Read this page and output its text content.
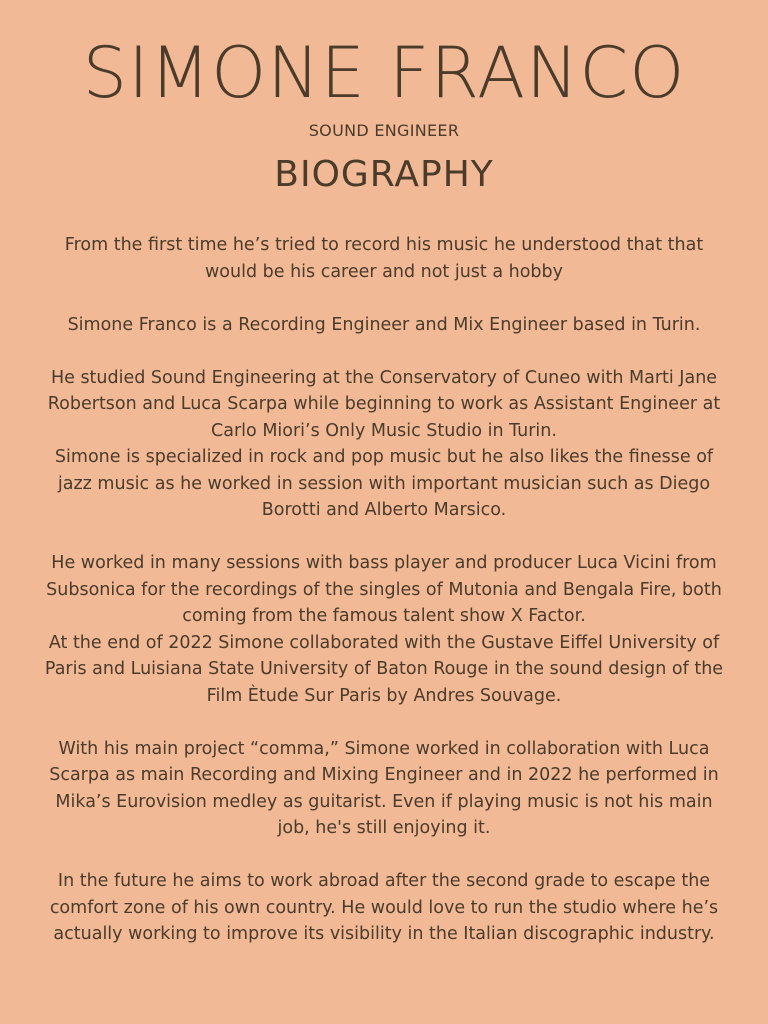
SIMONE FRANCO
SOUND ENGINEER
BIOGRAPHY

From the first time he’s tried to record his music he understood that that would be his career and not just a hobby

Simone Franco is a Recording Engineer and Mix Engineer based in Turin.

He studied Sound Engineering at the Conservatory of Cuneo with Marti Jane Robertson and Luca Scarpa while beginning to work as Assistant Engineer at Carlo Miori’s Only Music Studio in Turin.

Simone is specialized in rock and pop music but he also likes the finesse of jazz music as he worked in session with important musician such as Diego Borotti and Alberto Marsico.

He worked in many sessions with bass player and producer Luca Vicini from Subsonica for the recordings of the singles of Mutonia and Bengala Fire, both coming from the famous talent show X Factor.

At the end of 2022 Simone collaborated with the Gustave Eiffel University of Paris and Luisiana State University of Baton Rouge in the sound design of the Film Ètude Sur Paris by Andres Souvage.

With his main project “comma,” Simone worked in collaboration with Luca Scarpa as main Recording and Mixing Engineer and in 2022 he performed in Mika’s Eurovision medley as guitarist. Even if playing music is not his main job, he's still enjoying it.

In the future he aims to work abroad after the second grade to escape the comfort zone of his own country. He would love to run the studio where he’s actually working to improve its visibility in the Italian discographic industry.
